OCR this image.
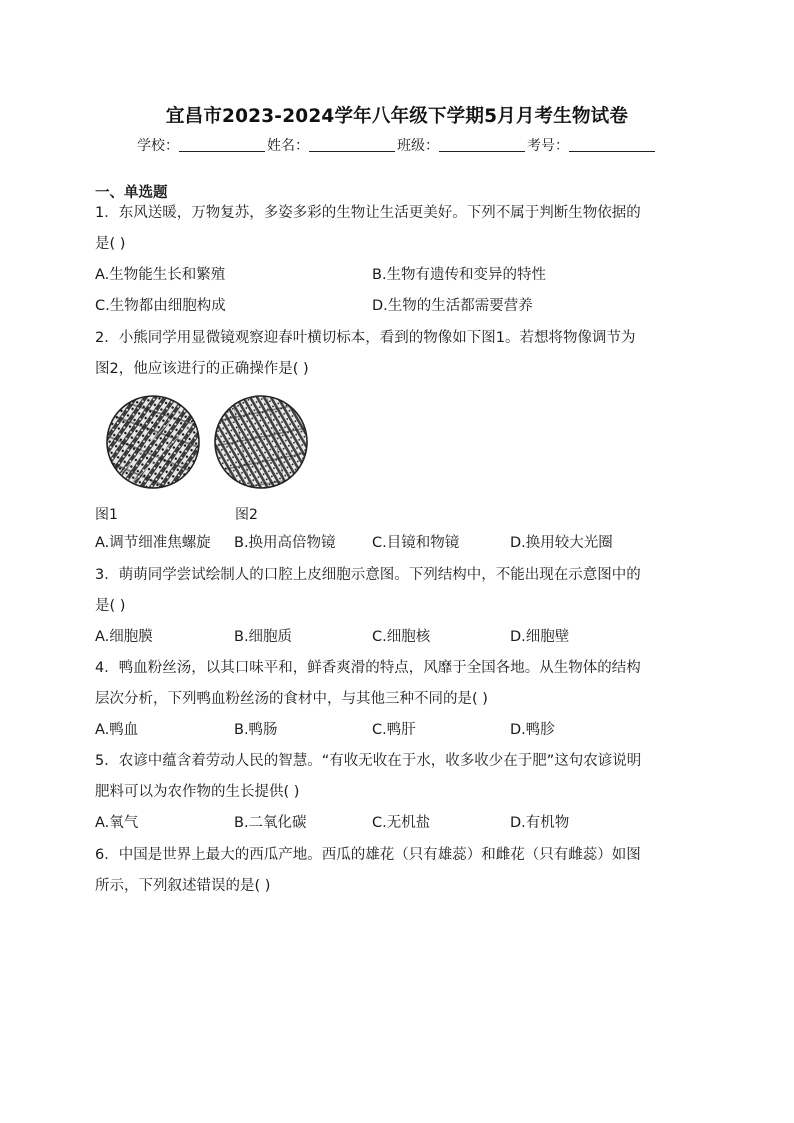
宜昌市2023-2024学年八年级下学期5月月考生物试卷
学校：	姓名：	班级：	考号：
一、单选题
1．东风送暖，万物复苏，多姿多彩的生物让生活更美好。下列不属于判断生物依据的
是( )
A.生物能生长和繁殖	B.生物有遗传和变异的特性
C.生物都由细胞构成	D.生物的生活都需要营养
2．小熊同学用显微镜观察迎春叶横切标本，看到的物像如下图1。若想将物像调节为
图2，他应该进行的正确操作是( )
图1	图2
A.调节细准焦螺旋 B.换用高倍物镜	C.目镜和物镜	D.换用较大光圈
3．萌萌同学尝试绘制人的口腔上皮细胞示意图。下列结构中，不能出现在示意图中的
是( )
A.细胞膜	B.细胞质	C.细胞核	D.细胞壁
4．鸭血粉丝汤，以其口味平和，鲜香爽滑的特点，风靡于全国各地。从生物体的结构
层次分析，下列鸭血粉丝汤的食材中，与其他三种不同的是( )
A.鸭血	B.鸭肠	C.鸭肝	D.鸭胗
5．农谚中蕴含着劳动人民的智慧。“有收无收在于水，收多收少在于肥”这句农谚说明
肥料可以为农作物的生长提供( )
A.氧气	B.二氧化碳	C.无机盐	D.有机物
6．中国是世界上最大的西瓜产地。西瓜的雄花（只有雄蕊）和雌花（只有雌蕊）如图
所示，下列叙述错误的是( )
